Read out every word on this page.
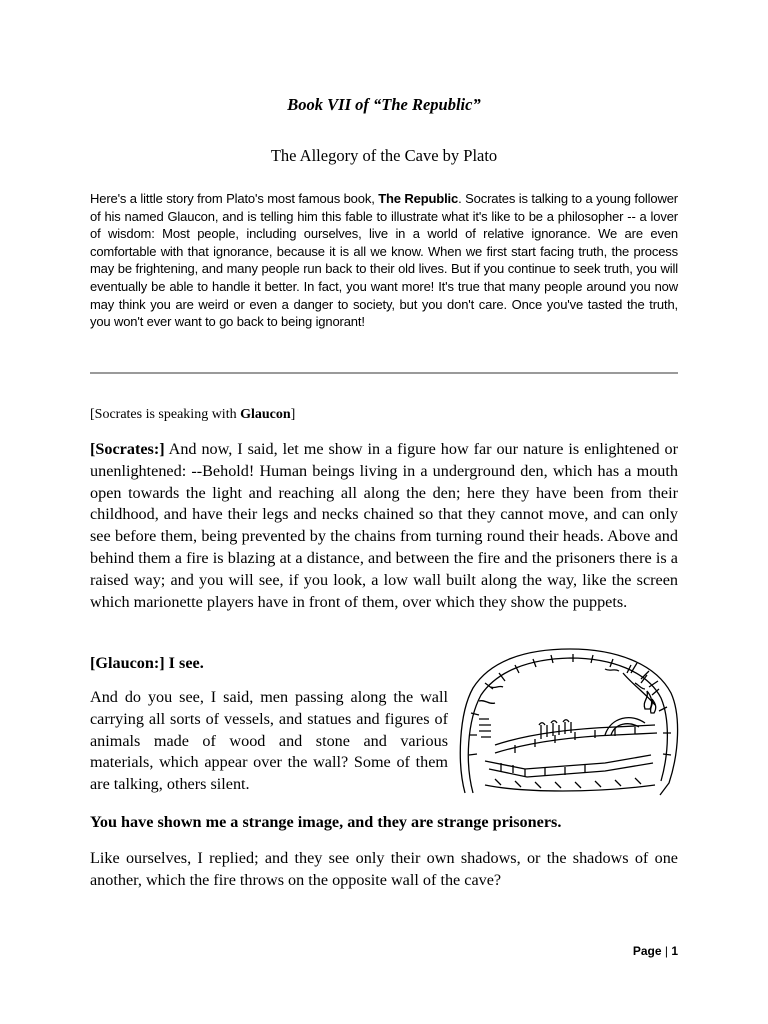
Book VII of “The Republic”
The Allegory of the Cave by Plato
Here's a little story from Plato's most famous book, The Republic. Socrates is talking to a young follower of his named Glaucon, and is telling him this fable to illustrate what it's like to be a philosopher -- a lover of wisdom: Most people, including ourselves, live in a world of relative ignorance. We are even comfortable with that ignorance, because it is all we know. When we first start facing truth, the process may be frightening, and many people run back to their old lives. But if you continue to seek truth, you will eventually be able to handle it better. In fact, you want more! It's true that many people around you now may think you are weird or even a danger to society, but you don't care. Once you've tasted the truth, you won't ever want to go back to being ignorant!
[Socrates is speaking with Glaucon]
[Socrates:] And now, I said, let me show in a figure how far our nature is enlightened or unenlightened: --Behold! Human beings living in a underground den, which has a mouth open towards the light and reaching all along the den; here they have been from their childhood, and have their legs and necks chained so that they cannot move, and can only see before them, being prevented by the chains from turning round their heads. Above and behind them a fire is blazing at a distance, and between the fire and the prisoners there is a raised way; and you will see, if you look, a low wall built along the way, like the screen which marionette players have in front of them, over which they show the puppets.
[Glaucon:] I see.
And do you see, I said, men passing along the wall carrying all sorts of vessels, and statues and figures of animals made of wood and stone and various materials, which appear over the wall? Some of them are talking, others silent.
You have shown me a strange image, and they are strange prisoners.
Like ourselves, I replied; and they see only their own shadows, or the shadows of one another, which the fire throws on the opposite wall of the cave?
Page | 1
